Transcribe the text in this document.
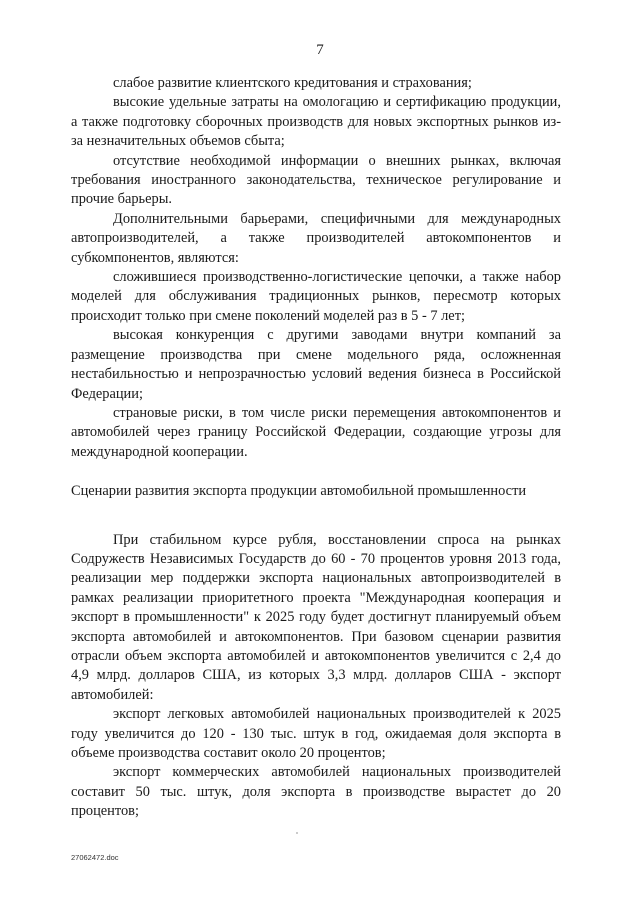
7

слабое развитие клиентского кредитования и страхования;

высокие удельные затраты на омологацию и сертификацию продукции, а также подготовку сборочных производств для новых экспортных рынков из-за незначительных объемов сбыта;

отсутствие необходимой информации о внешних рынках, включая требования иностранного законодательства, техническое регулирование и прочие барьеры.

Дополнительными барьерами, специфичными для международных автопроизводителей, а также производителей автокомпонентов и субкомпонентов, являются:

сложившиеся производственно-логистические цепочки, а также набор моделей для обслуживания традиционных рынков, пересмотр которых происходит только при смене поколений моделей раз в 5 - 7 лет;

высокая конкуренция с другими заводами внутри компаний за размещение производства при смене модельного ряда, осложненная нестабильностью и непрозрачностью условий ведения бизнеса в Российской Федерации;

страновые риски, в том числе риски перемещения автокомпонентов и автомобилей через границу Российской Федерации, создающие угрозы для международной кооперации.

Сценарии развития экспорта продукции автомобильной промышленности

При стабильном курсе рубля, восстановлении спроса на рынках Содружеств Независимых Государств до 60 - 70 процентов уровня 2013 года, реализации мер поддержки экспорта национальных автопроизводителей в рамках реализации приоритетного проекта "Международная кооперация и экспорт в промышленности" к 2025 году будет достигнут планируемый объем экспорта автомобилей и автокомпонентов. При базовом сценарии развития отрасли объем экспорта автомобилей и автокомпонентов увеличится с 2,4 до 4,9 млрд. долларов США, из которых 3,3 млрд. долларов США - экспорт автомобилей:

экспорт легковых автомобилей национальных производителей к 2025 году увеличится до 120 - 130 тыс. штук в год, ожидаемая доля экспорта в объеме производства составит около 20 процентов;

экспорт коммерческих автомобилей национальных производителей составит 50 тыс. штук, доля экспорта в производстве вырастет до 20 процентов;

27062472.doc
